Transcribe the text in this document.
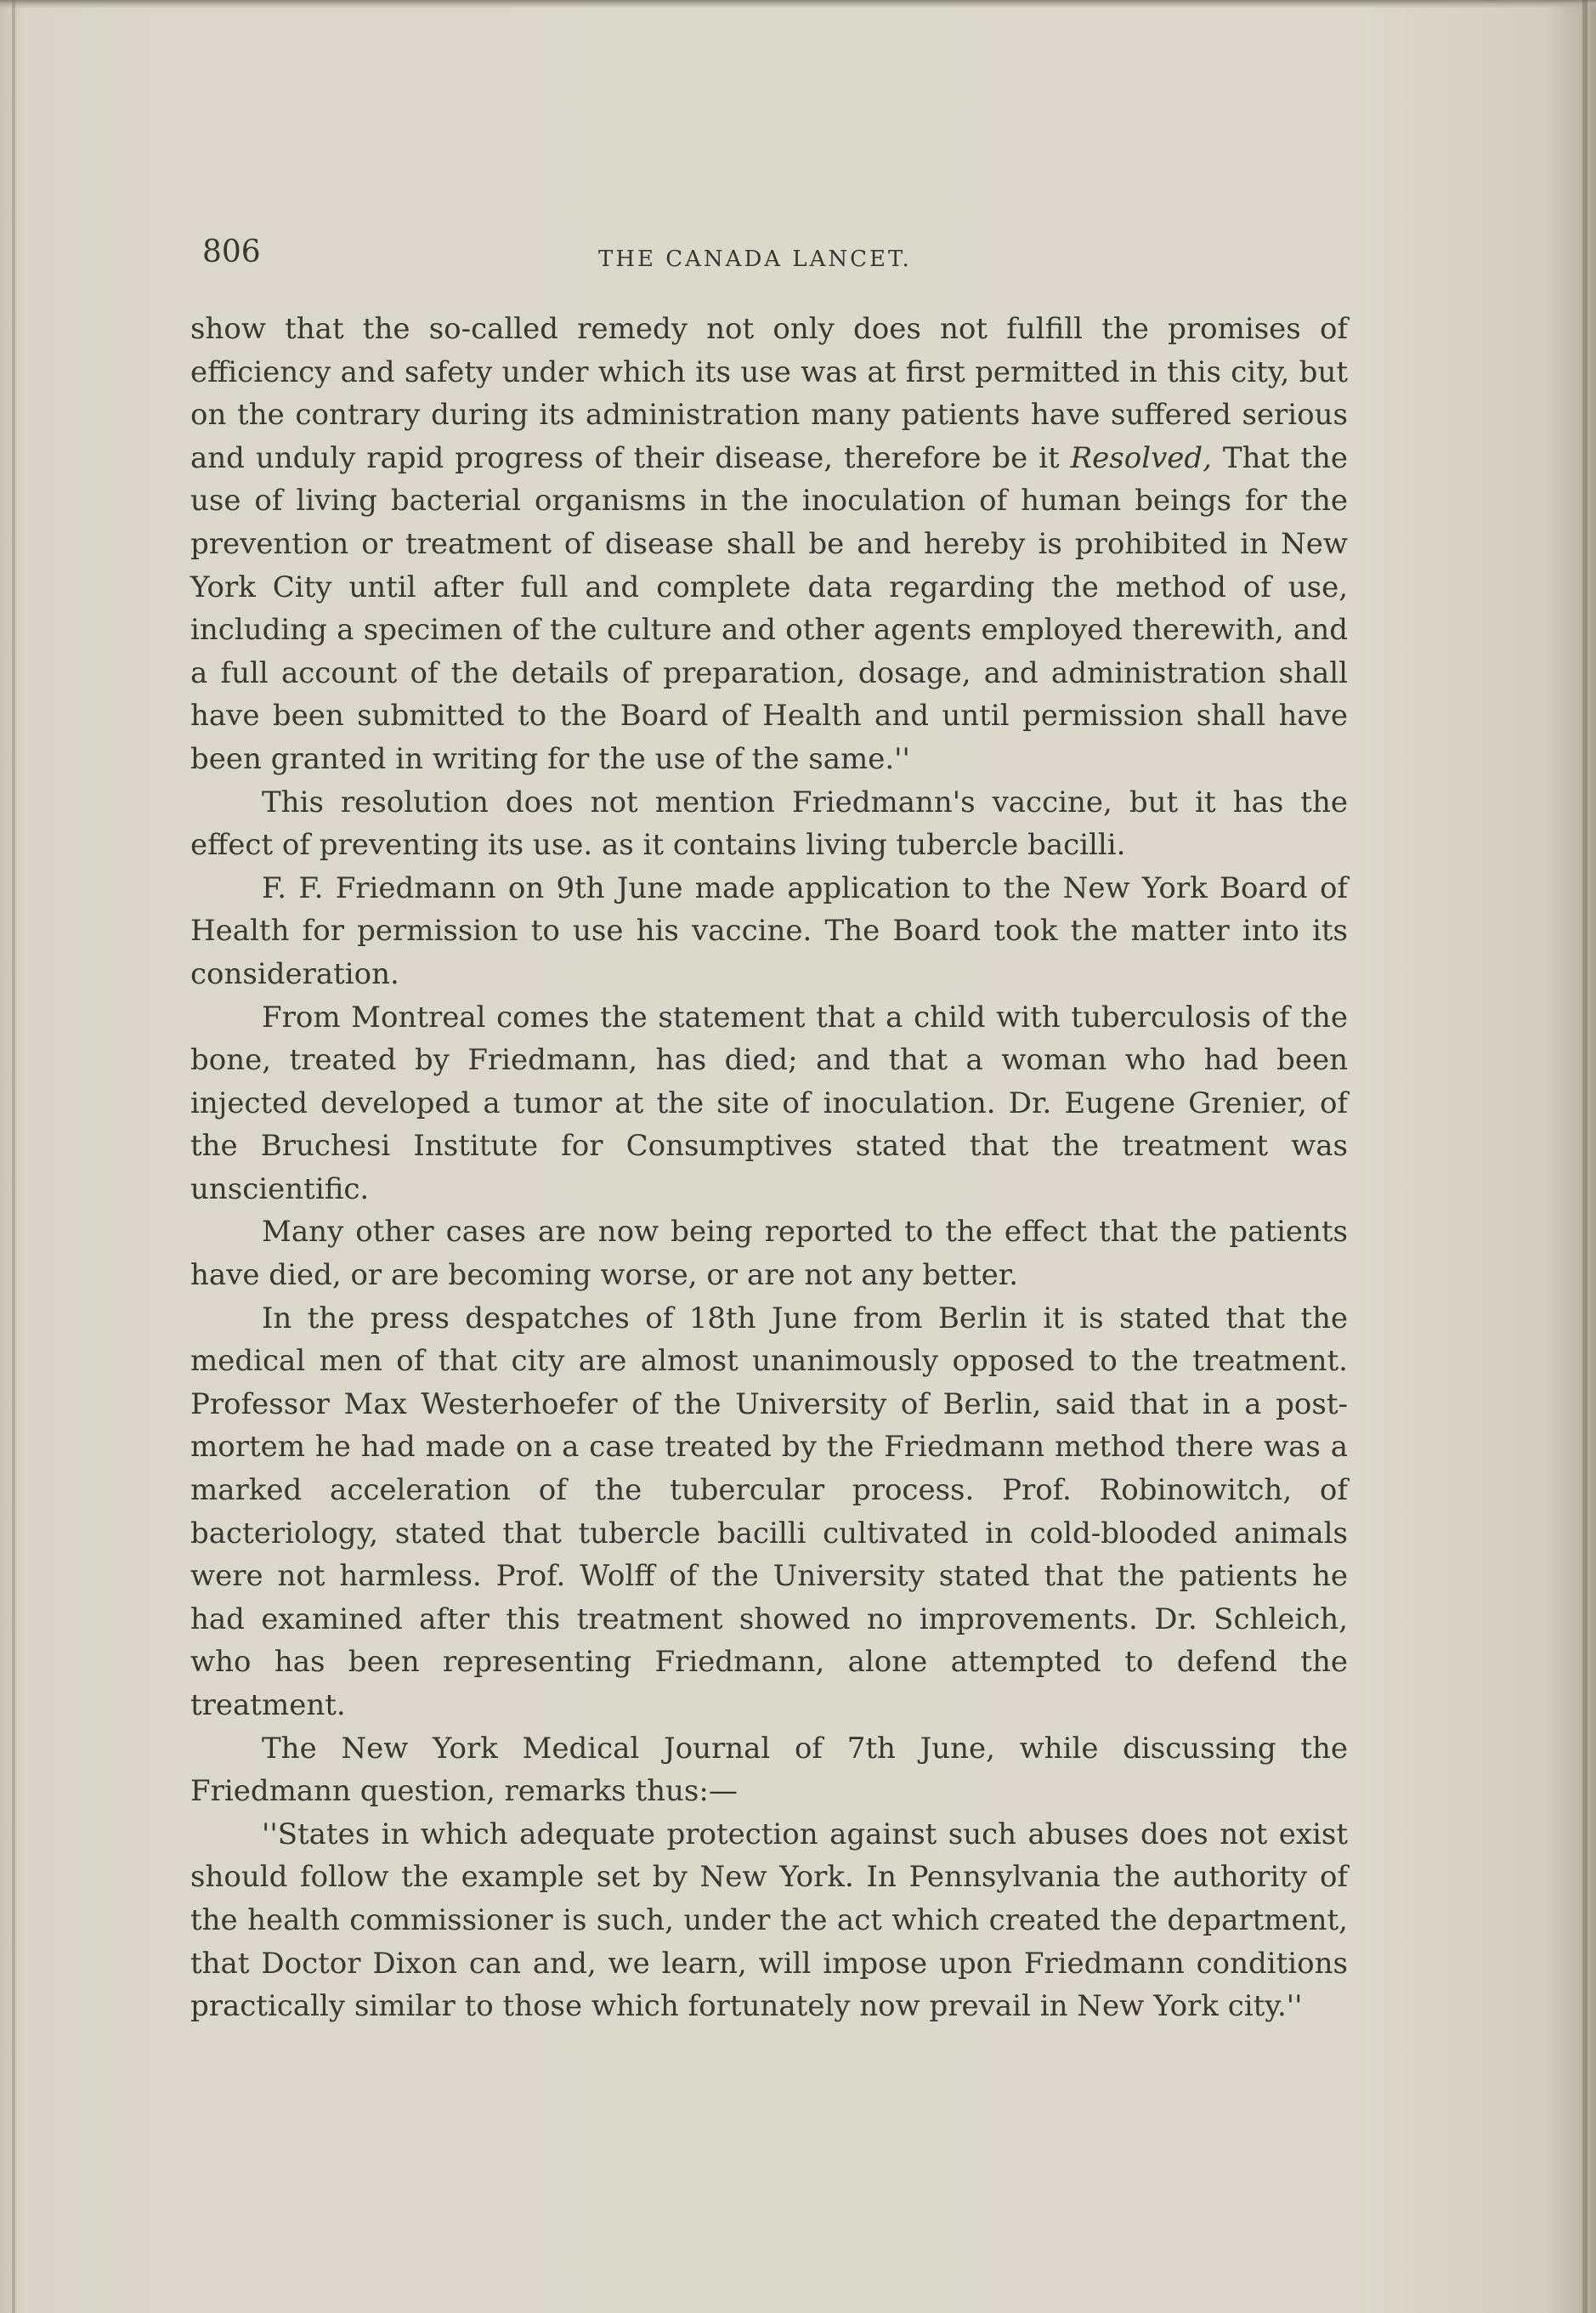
806	THE CANADA LANCET.

show that the so-called remedy not only does not fulfill the promises of efficiency and safety under which its use was at first permitted in this city, but on the contrary during its administration many patients have suffered serious and unduly rapid progress of their disease, therefore be it Resolved, That the use of living bacterial organisms in the inoculation of human beings for the prevention or treatment of disease shall be and hereby is prohibited in New York City until after full and complete data regarding the method of use, including a specimen of the culture and other agents employed therewith, and a full account of the details of preparation, dosage, and administration shall have been submitted to the Board of Health and until permission shall have been granted in writing for the use of the same.''

This resolution does not mention Friedmann's vaccine, but it has the effect of preventing its use. as it contains living tubercle bacilli.

F. F. Friedmann on 9th June made application to the New York Board of Health for permission to use his vaccine. The Board took the matter into its consideration.

From Montreal comes the statement that a child with tuberculosis of the bone, treated by Friedmann, has died; and that a woman who had been injected developed a tumor at the site of inoculation. Dr. Eugene Grenier, of the Bruchesi Institute for Consumptives stated that the treatment was unscientific.

Many other cases are now being reported to the effect that the patients have died, or are becoming worse, or are not any better.

In the press despatches of 18th June from Berlin it is stated that the medical men of that city are almost unanimously opposed to the treatment. Professor Max Westerhoefer of the University of Berlin, said that in a post-mortem he had made on a case treated by the Friedmann method there was a marked acceleration of the tubercular process. Prof. Robinowitch, of bacteriology, stated that tubercle bacilli cultivated in cold-blooded animals were not harmless. Prof. Wolff of the University stated that the patients he had examined after this treatment showed no improvements. Dr. Schleich, who has been representing Friedmann, alone attempted to defend the treatment.

The New York Medical Journal of 7th June, while discussing the Friedmann question, remarks thus:—

''States in which adequate protection against such abuses does not exist should follow the example set by New York. In Pennsylvania the authority of the health commissioner is such, under the act which created the department, that Doctor Dixon can and, we learn, will impose upon Friedmann conditions practically similar to those which fortunately now prevail in New York city.''
